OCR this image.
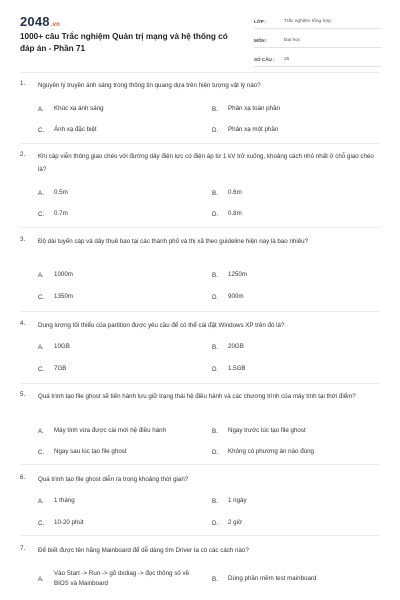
2048.vn
1000+ câu Trắc nghiệm Quản trị mạng và hệ thống có đáp án - Phần 71
LỚP :	Trắc nghiệm tổng hợp
MÔN :	Đại học
SỐ CÂU :	25
1. Nguyên lý truyền ánh sáng trong thông tin quang dựa trên hiện tượng vật lý nào?
A.	Khúc xạ ánh sáng	B.	Phản xạ toàn phần
C.	Ánh xạ đặc biệt	D.	Phản xạ một phần
2. Khi cáp viễn thông giao chéo với đường dây điện lực có điện áp từ 1 kV trở xuống, khoảng cách nhỏ nhất ở chỗ giao chéo là?
A.	0.5m	B.	0.6m
C.	0.7m	D.	0.8m
3. Độ dài tuyến cáp và dây thuê bao tại các thành phố và thị xã theo guideline hiện nay là bao nhiêu?
A.	1000m	B.	1250m
C.	1350m	D.	900m
4. Dung lượng tối thiểu của partition được yêu cầu để có thể cài đặt Windows XP trên đó là?
A.	10GB	B.	20GB
C.	7GB	D.	1.5GB
5. Quá trình tạo file ghost sẽ tiến hành lưu giữ trạng thái hệ điều hành và các chương trình của máy tính tại thời điểm?
A.	Máy tính vừa được cài mới hệ điều hành	B.	Ngay trước lúc tạo file ghost
C.	Ngay sau lúc tạo file ghost	D.	Không có phương án nào đúng
6. Quá trình tạo file ghost diễn ra trong khoảng thời gian?
A.	1 tháng	B.	1 ngày
C.	10-20 phút	D.	2 giờ
7. Để biết được tên hãng Mainboard để dễ dàng tìm Driver ta có các cách nào?
A.
Vào Start -> Run -> gõ dxdiag -> đọc thông số về BIOS và Mainboard
B.	Dùng phần mềm test mainboard
